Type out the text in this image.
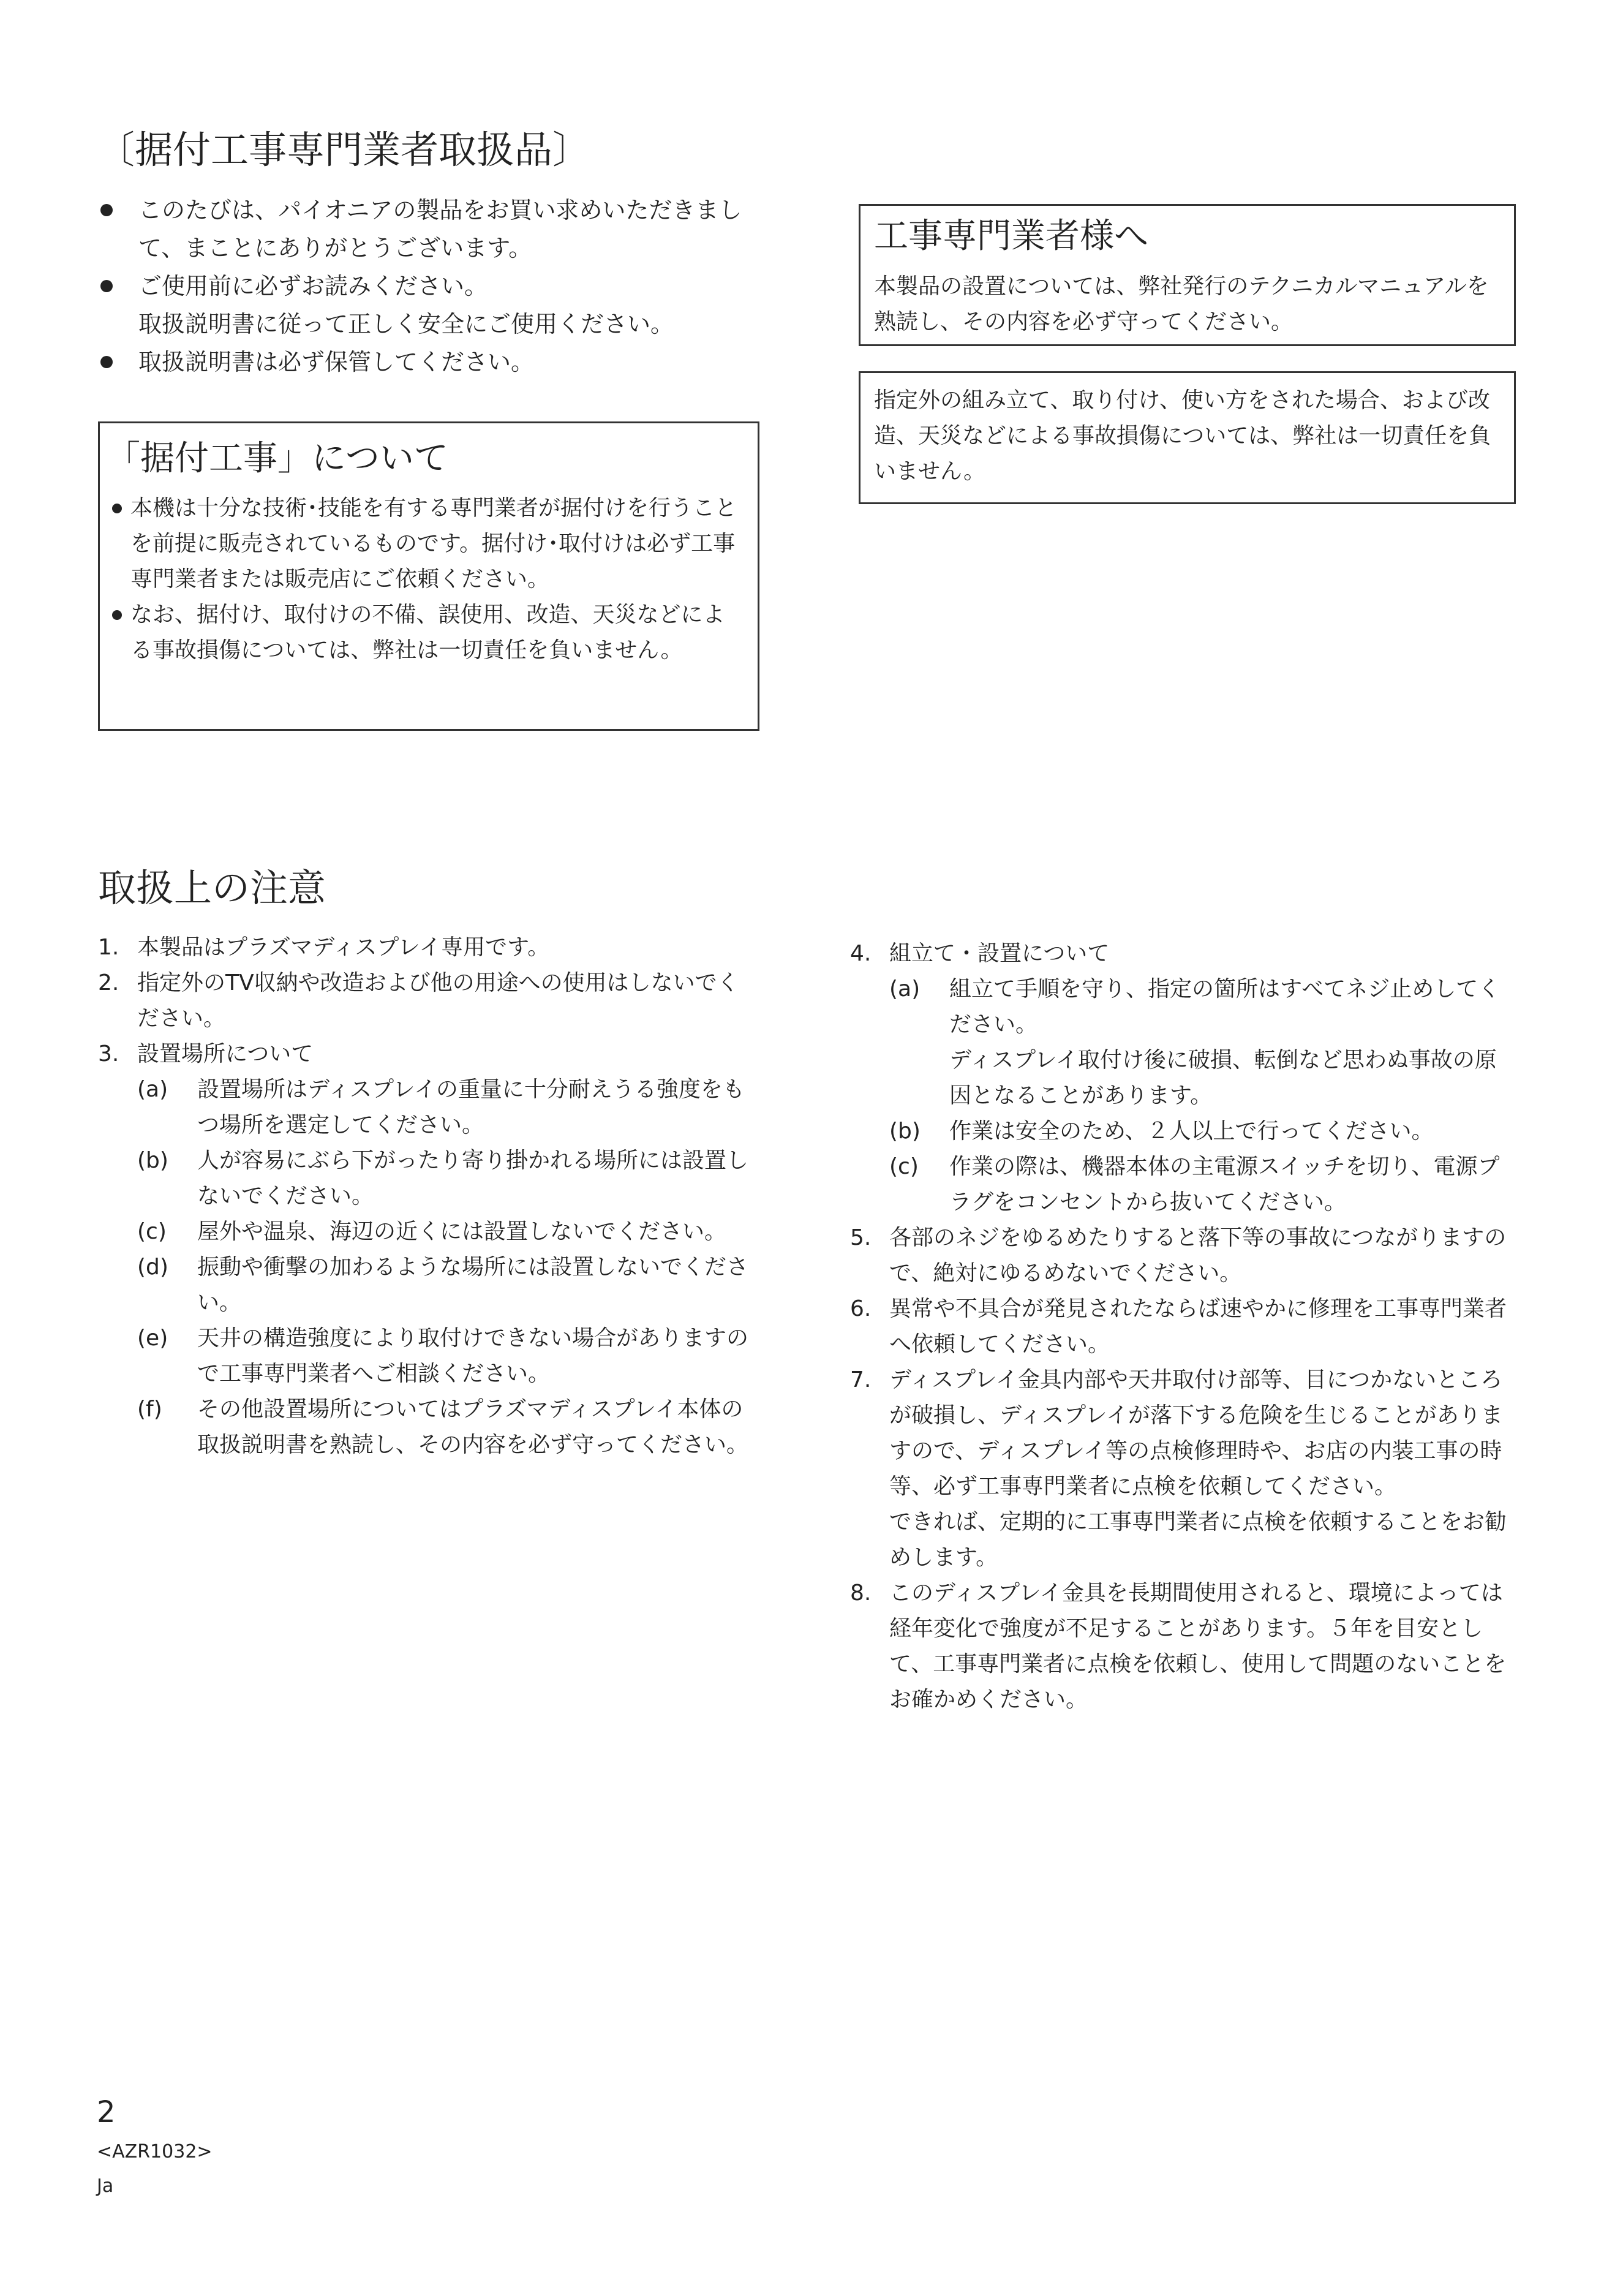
〔据付工事専門業者取扱品〕
このたびは、パイオニアの製品をお買い求めいただきまして、まことにありがとうございます。
ご使用前に必ずお読みください。
取扱説明書に従って正しく安全にご使用ください。
取扱説明書は必ず保管してください。
「据付工事」について
本機は十分な技術･技能を有する専門業者が据付けを行うことを前提に販売されているものです。据付け･取付けは必ず工事専門業者または販売店にご依頼ください。
なお、据付け、取付けの不備、誤使用、改造、天災などによる事故損傷については、弊社は一切責任を負いません。
工事専門業者様へ
本製品の設置については、弊社発行のテクニカルマニュアルを熟読し、その内容を必ず守ってください。
指定外の組み立て、取り付け、使い方をされた場合、および改造、天災などによる事故損傷については、弊社は一切責任を負いません。
取扱上の注意
1. 本製品はプラズマディスプレイ専用です。
2. 指定外のTV収納や改造および他の用途への使用はしないでください。
3. 設置場所について
(a) 設置場所はディスプレイの重量に十分耐えうる強度をもつ場所を選定してください。
(b) 人が容易にぶら下がったり寄り掛かれる場所には設置しないでください。
(c) 屋外や温泉、海辺の近くには設置しないでください。
(d) 振動や衝撃の加わるような場所には設置しないでください。
(e) 天井の構造強度により取付けできない場合がありますので工事専門業者へご相談ください。
(f) その他設置場所についてはプラズマディスプレイ本体の取扱説明書を熟読し、その内容を必ず守ってください。
4. 組立て・設置について
(a) 組立て手順を守り、指定の箇所はすべてネジ止めしてください。
ディスプレイ取付け後に破損、転倒など思わぬ事故の原因となることがあります。
(b) 作業は安全のため、２人以上で行ってください。
(c) 作業の際は、機器本体の主電源スイッチを切り、電源プラグをコンセントから抜いてください。
5. 各部のネジをゆるめたりすると落下等の事故につながりますので、絶対にゆるめないでください。
6. 異常や不具合が発見されたならば速やかに修理を工事専門業者へ依頼してください。
7. ディスプレイ金具内部や天井取付け部等、目につかないところが破損し、ディスプレイが落下する危険を生じることがありますので、ディスプレイ等の点検修理時や、お店の内装工事の時等、必ず工事専門業者に点検を依頼してください。
できれば、定期的に工事専門業者に点検を依頼することをお勧めします。
8. このディスプレイ金具を長期間使用されると、環境によっては経年変化で強度が不足することがあります。５年を目安として、工事専門業者に点検を依頼し、使用して問題のないことをお確かめください。
2
<AZR1032>
Ja
